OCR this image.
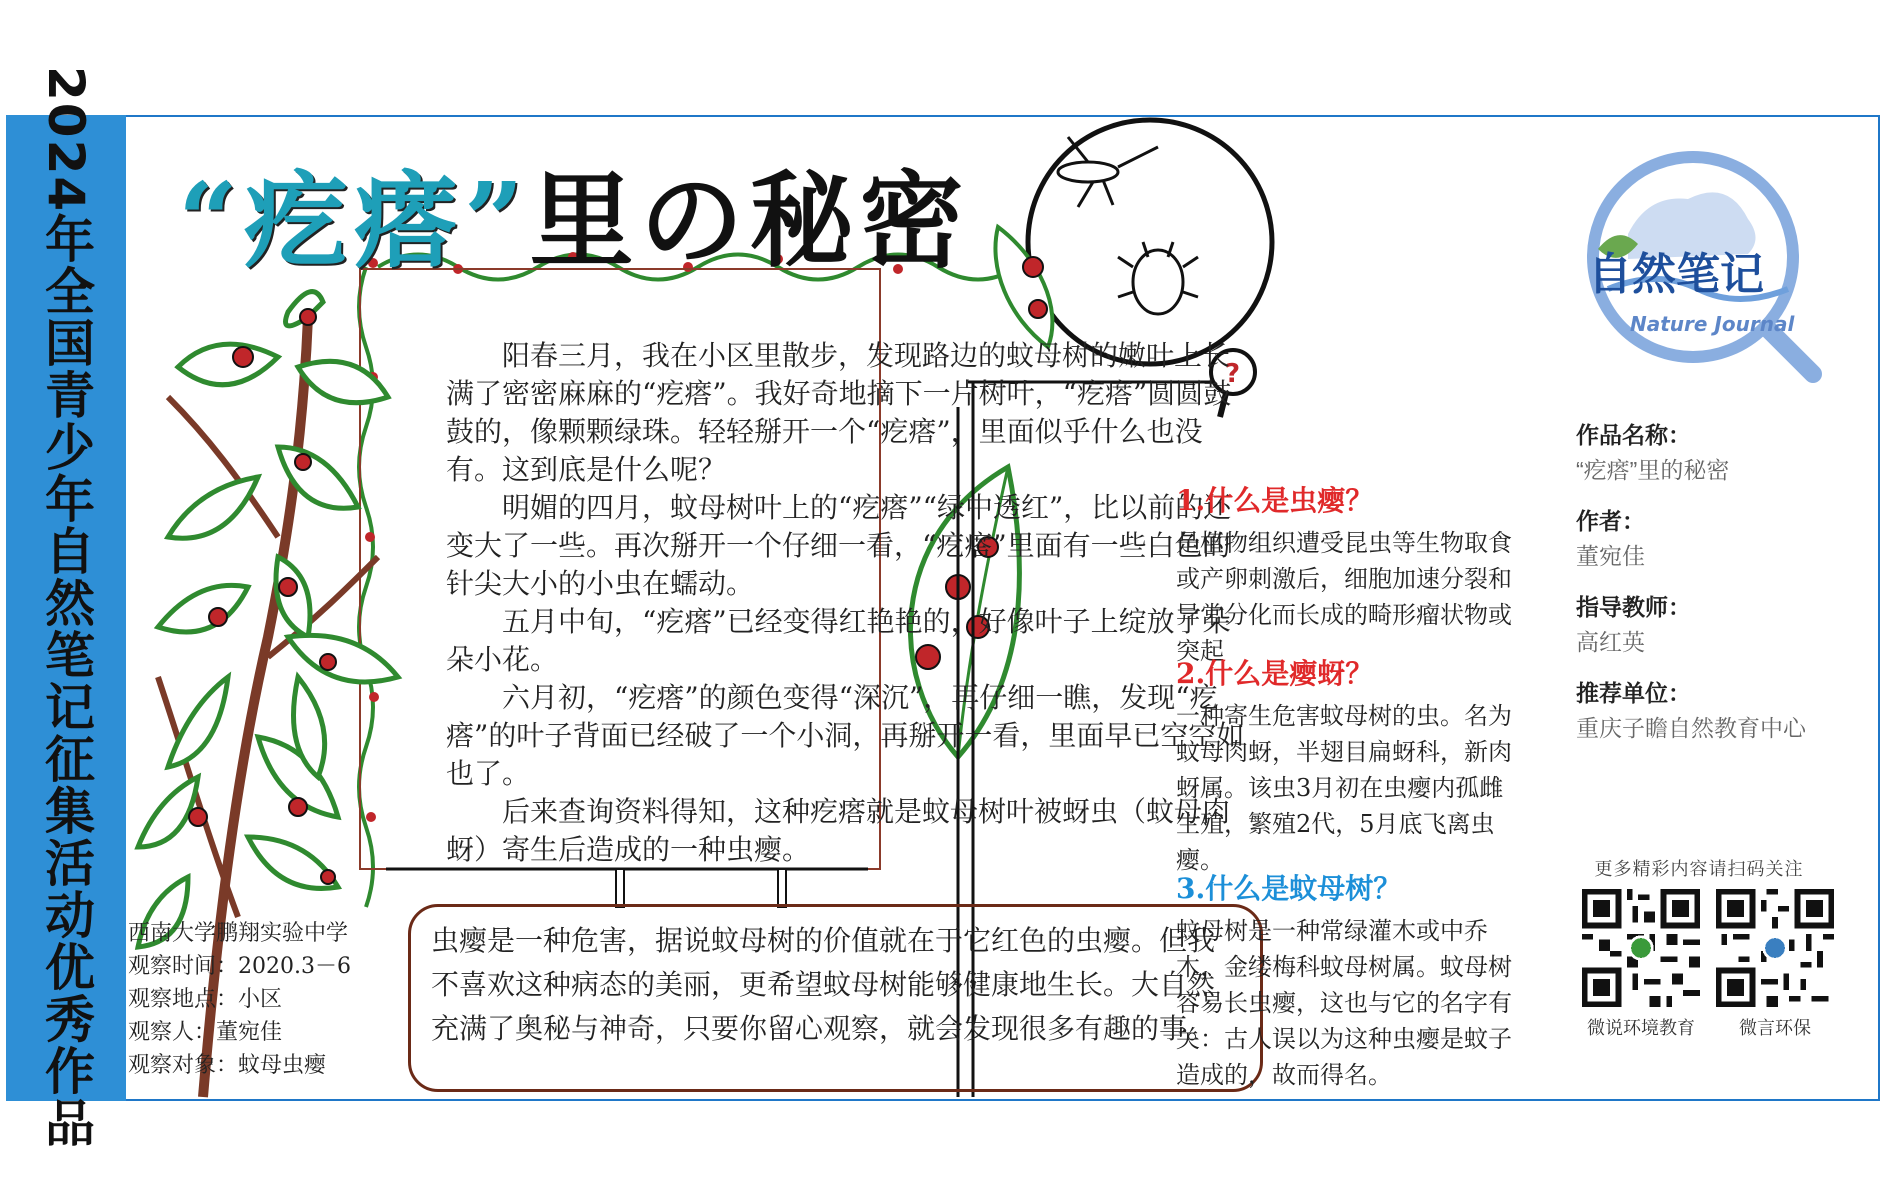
2024年全国青少年自然笔记征集活动优秀作品	?
“疙瘩”里の秘密

阳春三月，我在小区里散步，发现路边的蚊母树的嫩叶上长满了密密麻麻的“疙瘩”。我好奇地摘下一片树叶，“疙瘩”圆圆鼓鼓的，像颗颗绿珠。轻轻掰开一个“疙瘩”，里面似乎什么也没有。这到底是什么呢？

明媚的四月，蚊母树叶上的“疙瘩”“绿中透红”，比以前的还变大了一些。再次掰开一个仔细一看，“疙瘩”里面有一些白色的针尖大小的小虫在蠕动。

五月中旬，“疙瘩”已经变得红艳艳的，好像叶子上绽放了朵朵小花。

六月初，“疙瘩”的颜色变得“深沉”，再仔细一瞧，发现“疙瘩”的叶子背面已经破了一个小洞，再掰开一看，里面早已空空如也了。

后来查询资料得知，这种疙瘩就是蚊母树叶被蚜虫（蚊母肉蚜）寄生后造成的一种虫瘿。

西南大学鹏翔实验中学
观察时间：2020.3－6
观察地点：小区
观察人：董宛佳
观察对象：蚊母虫瘿
虫瘿是一种危害，据说蚊母树的价值就在于它红色的虫瘿。但我不喜欢这种病态的美丽，更希望蚊母树能够健康地生长。大自然充满了奥秘与神奇，只要你留心观察，就会发现很多有趣的事。
1.什么是虫瘿？
是植物组织遭受昆虫等生物取食或产卵刺激后，细胞加速分裂和异常分化而长成的畸形瘤状物或突起
2.什么是瘿蚜？
一种寄生危害蚊母树的虫。名为蚊母肉蚜，半翅目扁蚜科，新肉蚜属。该虫3月初在虫瘿内孤雌生殖，繁殖2代，5月底飞离虫瘿。
3.什么是蚊母树？
蚊母树是一种常绿灌木或中乔木，金缕梅科蚊母树属。蚊母树容易长虫瘿，这也与它的名字有关：古人误以为这种虫瘿是蚊子造成的，故而得名。
自然笔记
Nature Journal
作品名称：
“疙瘩”里的秘密
作者：
董宛佳
指导教师：
高红英
推荐单位：
重庆子瞻自然教育中心
更多精彩内容请扫码关注
微说环境教育	微言环保
